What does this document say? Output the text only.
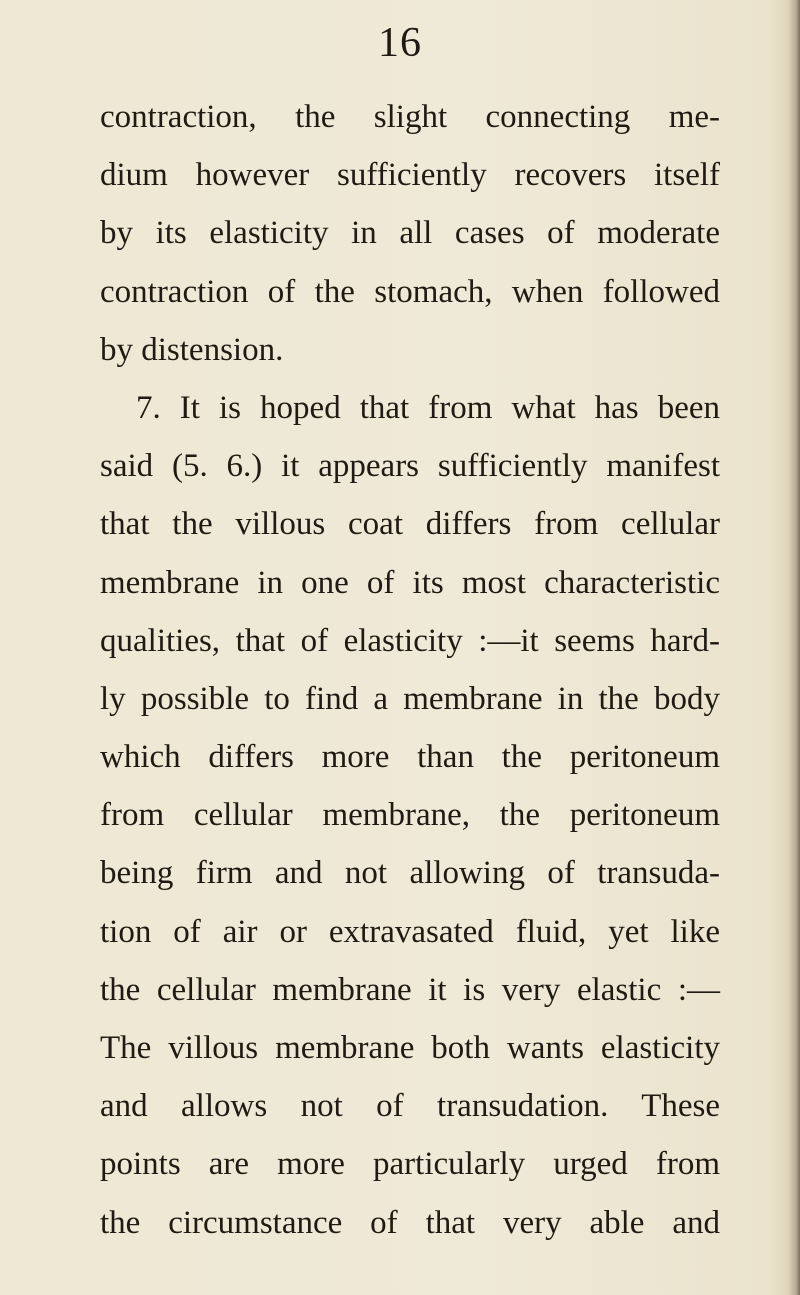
16
contraction, the slight connecting me-
dium however sufficiently recovers itself
by its elasticity in all cases of moderate
contraction of the stomach, when followed
by distension.
7. It is hoped that from what has been
said (5. 6.) it appears sufficiently manifest
that the villous coat differs from cellular
membrane in one of its most characteristic
qualities, that of elasticity :—it seems hard-
ly possible to find a membrane in the body
which differs more than the peritoneum
from cellular membrane, the peritoneum
being firm and not allowing of transuda-
tion of air or extravasated fluid, yet like
the cellular membrane it is very elastic :—
The villous membrane both wants elasticity
and allows not of transudation. These
points are more particularly urged from
the circumstance of that very able and
